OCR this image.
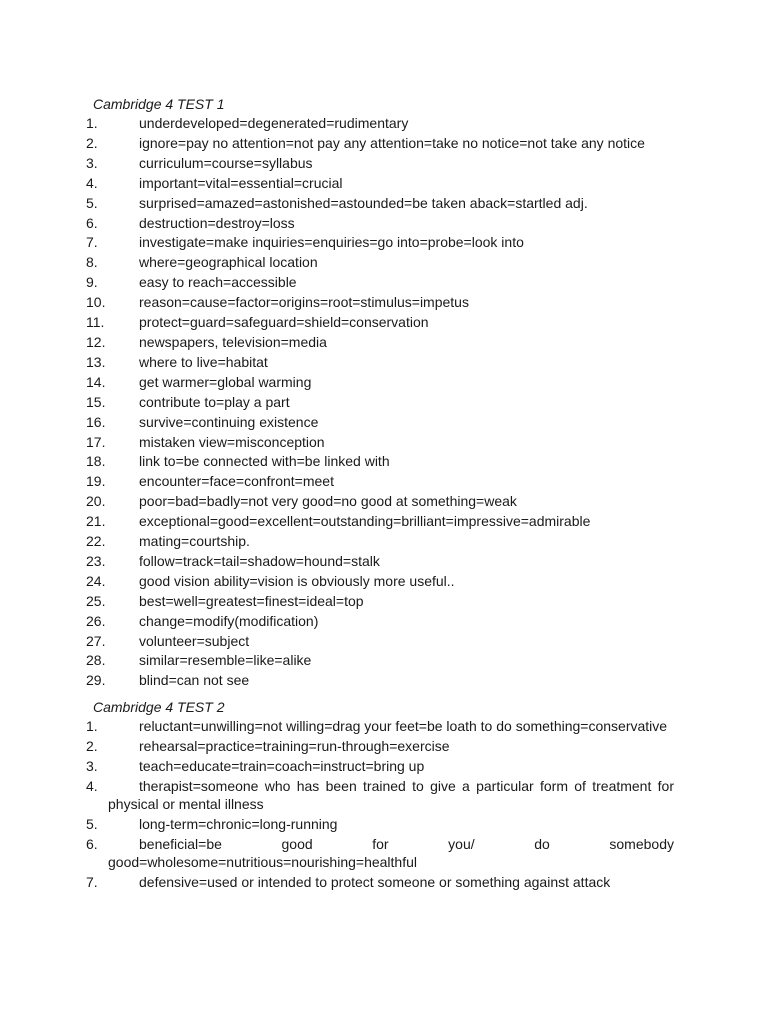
Cambridge 4 TEST 1
1.	underdeveloped=degenerated=rudimentary
2.	ignore=pay no attention=not pay any attention=take no notice=not take any notice
3.	curriculum=course=syllabus
4.	important=vital=essential=crucial
5.	surprised=amazed=astonished=astounded=be taken aback=startled adj.
6.	destruction=destroy=loss
7.	investigate=make inquiries=enquiries=go into=probe=look into
8.	where=geographical location
9.	easy to reach=accessible
10.	reason=cause=factor=origins=root=stimulus=impetus
11.	protect=guard=safeguard=shield=conservation
12.	newspapers, television=media
13.	where to live=habitat
14.	get warmer=global warming
15.	contribute to=play a part
16.	survive=continuing existence
17.	mistaken view=misconception
18.	link to=be connected with=be linked with
19.	encounter=face=confront=meet
20.	poor=bad=badly=not very good=no good at something=weak
21.	exceptional=good=excellent=outstanding=brilliant=impressive=admirable
22.	mating=courtship.
23.	follow=track=tail=shadow=hound=stalk
24.	good vision ability=vision is obviously more useful..
25.	best=well=greatest=finest=ideal=top
26.	change=modify(modification)
27.	volunteer=subject
28.	similar=resemble=like=alike
29.	blind=can not see
Cambridge 4 TEST 2
1.	reluctant=unwilling=not willing=drag your feet=be loath to do something=conservative
2.	rehearsal=practice=training=run-through=exercise
3.	teach=educate=train=coach=instruct=bring up
4.	therapist=someone who has been trained to give a particular form of treatment for physical or mental illness
5.	long-term=chronic=long-running
6.	beneficial=be good for you/ do somebody good=wholesome=nutritious=nourishing=healthful
7.	defensive=used or intended to protect someone or something against attack
